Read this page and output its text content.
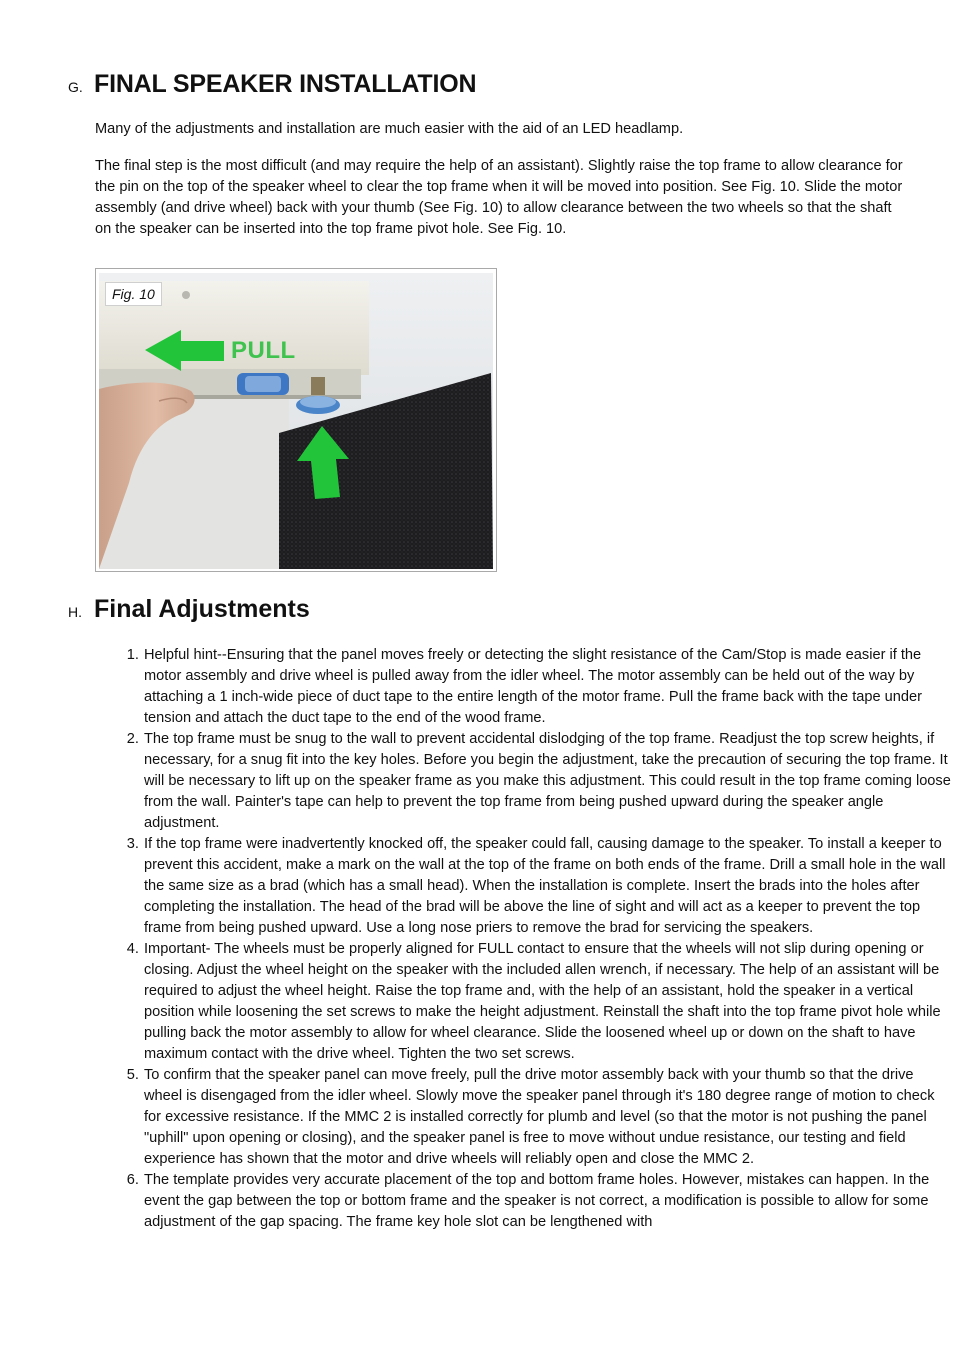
G. FINAL SPEAKER INSTALLATION

Many of the adjustments and installation are much easier with the aid of an LED headlamp.

The final step is the most difficult (and may require the help of an assistant). Slightly raise the top frame to allow clearance for the pin on the top of the speaker wheel to clear the top frame when it will be moved into position. See Fig. 10. Slide the motor assembly (and drive wheel) back with your thumb (See Fig. 10) to allow clearance between the two wheels so that the shaft on the speaker can be inserted into the top frame pivot hole. See Fig. 10.

PULL
Fig. 10
H. Final Adjustments
1. Helpful hint--Ensuring that the panel moves freely or detecting the slight resistance of the Cam/Stop is made easier if the motor assembly and drive wheel is pulled away from the idler wheel. The motor assembly can be held out of the way by attaching a 1 inch-wide piece of duct tape to the entire length of the motor frame. Pull the frame back with the tape under tension and attach the duct tape to the end of the wood frame.
2. The top frame must be snug to the wall to prevent accidental dislodging of the top frame. Readjust the top screw heights, if necessary, for a snug fit into the key holes. Before you begin the adjustment, take the precaution of securing the top frame. It will be necessary to lift up on the speaker frame as you make this adjustment. This could result in the top frame coming loose from the wall. Painter's tape can help to prevent the top frame from being pushed upward during the speaker angle adjustment.
3. If the top frame were inadvertently knocked off, the speaker could fall, causing damage to the speaker. To install a keeper to prevent this accident, make a mark on the wall at the top of the frame on both ends of the frame. Drill a small hole in the wall the same size as a brad (which has a small head). When the installation is complete. Insert the brads into the holes after completing the installation. The head of the brad will be above the line of sight and will act as a keeper to prevent the top frame from being pushed upward. Use a long nose priers to remove the brad for servicing the speakers.
4. Important- The wheels must be properly aligned for FULL contact to ensure that the wheels will not slip during opening or closing. Adjust the wheel height on the speaker with the included allen wrench, if necessary. The help of an assistant will be required to adjust the wheel height. Raise the top frame and, with the help of an assistant, hold the speaker in a vertical position while loosening the set screws to make the height adjustment. Reinstall the shaft into the top frame pivot hole while pulling back the motor assembly to allow for wheel clearance. Slide the loosened wheel up or down on the shaft to have maximum contact with the drive wheel. Tighten the two set screws.
5. To confirm that the speaker panel can move freely, pull the drive motor assembly back with your thumb so that the drive wheel is disengaged from the idler wheel. Slowly move the speaker panel through it's 180 degree range of motion to check for excessive resistance. If the MMC 2 is installed correctly for plumb and level (so that the motor is not pushing the panel "uphill" upon opening or closing), and the speaker panel is free to move without undue resistance, our testing and field experience has shown that the motor and drive wheels will reliably open and close the MMC 2.
6. The template provides very accurate placement of the top and bottom frame holes. However, mistakes can happen. In the event the gap between the top or bottom frame and the speaker is not correct, a modification is possible to allow for some adjustment of the gap spacing. The frame key hole slot can be lengthened with
